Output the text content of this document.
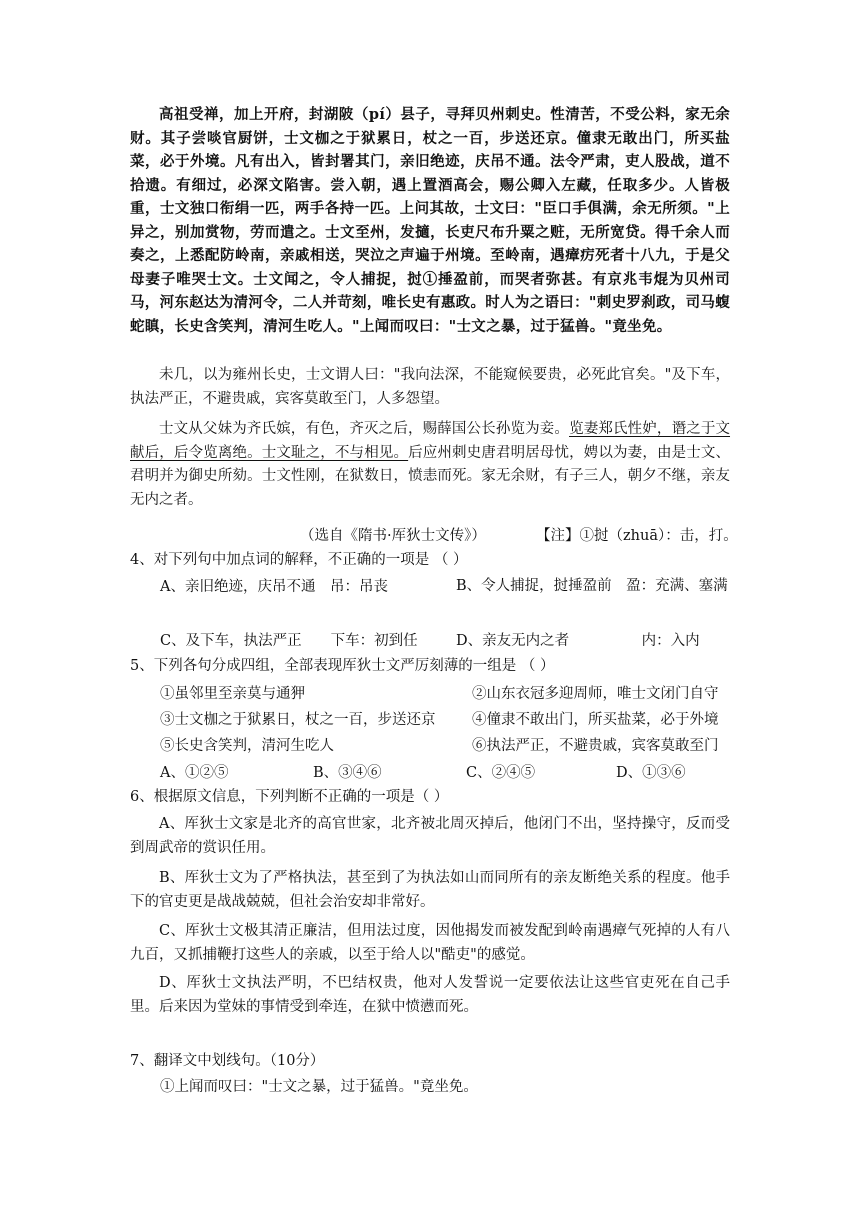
高祖受禅，加上开府，封湖陂（pí）县子，寻拜贝州刺史。性清苦，不受公料，家无余财。其子尝啖官厨饼，士文枷之于狱累日，杖之一百，步送还京。僮隶无敢出门，所买盐菜，必于外境。凡有出入，皆封署其门，亲旧绝迹，庆吊不通。法令严肃，吏人股战，道不拾遗。有细过，必深文陷害。尝入朝，遇上置酒高会，赐公卿入左藏，任取多少。人皆极重，士文独口衔绢一匹，两手各持一匹。上问其故，士文曰："臣口手俱满，余无所须。"上异之，别加赏物，劳而遣之。士文至州，发擿，长吏尺布升粟之赃，无所宽贷。得千余人而奏之，上悉配防岭南，亲戚相送，哭泣之声遍于州境。至岭南，遇瘴疠死者十八九，于是父母妻子唯哭士文。士文闻之，令人捕捉，挝①捶盈前，而哭者弥甚。有京兆韦焜为贝州司马，河东赵达为清河令，二人并苛刻，唯长史有惠政。时人为之语曰："刺史罗刹政，司马蝮蛇瞋，长史含笑判，清河生吃人。"上闻而叹曰："士文之暴，过于猛兽。"竟坐免。

未几，以为雍州长史，士文谓人曰："我向法深，不能窥候要贵，必死此官矣。"及下车，执法严正，不避贵戚，宾客莫敢至门，人多怨望。

士文从父妹为齐氏嫔，有色，齐灭之后，赐薛国公长孙览为妾。览妻郑氏性妒，谮之于文献后，后令览离绝。士文耻之，不与相见。后应州刺史唐君明居母忧，娉以为妻，由是士文、君明并为御史所劾。士文性刚，在狱数日，愤恚而死。家无余财，有子三人，朝夕不继，亲友无内之者。

（选自《隋书·厍狄士文传》）	【注】①挝（zhuā）：击，打。

4、对下列句中加点词的解释，不正确的一项是 （ ）

A、亲旧绝迹，庆吊不通　吊：吊丧	B、令人捕捉，挝捶盈前　盈：充满、塞满
C、及下车，执法严正　　下车：初到任	D、亲友无内之者　　　　　内：入内

5、下列各句分成四组，全部表现厍狄士文严厉刻薄的一组是 （ ）

①虽邻里至亲莫与通狎	②山东衣冠多迎周师，唯士文闭门自守
③士文枷之于狱累日，杖之一百，步送还京	④僮隶不敢出门，所买盐菜，必于外境
⑤长史含笑判，清河生吃人	⑥执法严正，不避贵戚，宾客莫敢至门
A、①②⑤	B、③④⑥	C、②④⑤	D、①③⑥

6、根据原文信息，下列判断不正确的一项是（ ）

A、厍狄士文家是北齐的高官世家，北齐被北周灭掉后，他闭门不出，坚持操守，反而受到周武帝的赏识任用。

B、厍狄士文为了严格执法，甚至到了为执法如山而同所有的亲友断绝关系的程度。他手下的官吏更是战战兢兢，但社会治安却非常好。

C、厍狄士文极其清正廉洁，但用法过度，因他揭发而被发配到岭南遇瘴气死掉的人有八九百，又抓捕鞭打这些人的亲戚，以至于给人以"酷吏"的感觉。

D、厍狄士文执法严明，不巴结权贵，他对人发誓说一定要依法让这些官吏死在自己手里。后来因为堂妹的事情受到牵连，在狱中愤懑而死。

7、翻译文中划线句。（10分）

①上闻而叹曰："士文之暴，过于猛兽。"竟坐免。
